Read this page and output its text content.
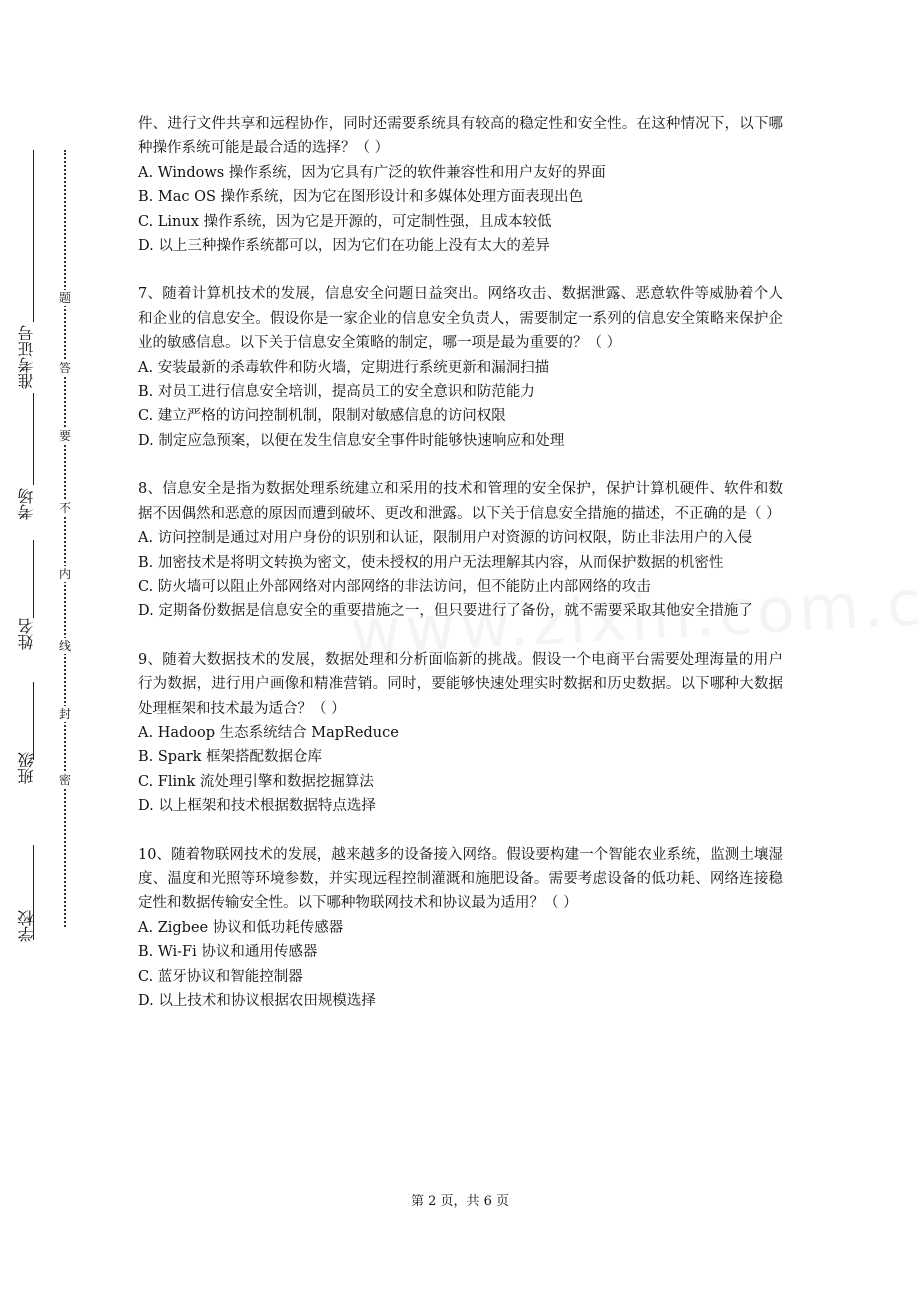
学校
班级
姓名
考场
准考证号
密
封
线
内
不
要
答
题

件、进行文件共享和远程协作，同时还需要系统具有较高的稳定性和安全性。在这种情况下，以下哪种操作系统可能是最合适的选择？（ ）

A. Windows 操作系统，因为它具有广泛的软件兼容性和用户友好的界面

B. Mac OS 操作系统，因为它在图形设计和多媒体处理方面表现出色

C. Linux 操作系统，因为它是开源的，可定制性强，且成本较低

D. 以上三种操作系统都可以，因为它们在功能上没有太大的差异

7、随着计算机技术的发展，信息安全问题日益突出。网络攻击、数据泄露、恶意软件等威胁着个人和企业的信息安全。假设你是一家企业的信息安全负责人，需要制定一系列的信息安全策略来保护企业的敏感信息。以下关于信息安全策略的制定，哪一项是最为重要的？（ ）

A. 安装最新的杀毒软件和防火墙，定期进行系统更新和漏洞扫描

B. 对员工进行信息安全培训，提高员工的安全意识和防范能力

C. 建立严格的访问控制机制，限制对敏感信息的访问权限

D. 制定应急预案，以便在发生信息安全事件时能够快速响应和处理

8、信息安全是指为数据处理系统建立和采用的技术和管理的安全保护，保护计算机硬件、软件和数据不因偶然和恶意的原因而遭到破坏、更改和泄露。以下关于信息安全措施的描述，不正确的是（ ）

A. 访问控制是通过对用户身份的识别和认证，限制用户对资源的访问权限，防止非法用户的入侵

B. 加密技术是将明文转换为密文，使未授权的用户无法理解其内容，从而保护数据的机密性

C. 防火墙可以阻止外部网络对内部网络的非法访问，但不能防止内部网络的攻击

D. 定期备份数据是信息安全的重要措施之一，但只要进行了备份，就不需要采取其他安全措施了

9、随着大数据技术的发展，数据处理和分析面临新的挑战。假设一个电商平台需要处理海量的用户行为数据，进行用户画像和精准营销。同时，要能够快速处理实时数据和历史数据。以下哪种大数据处理框架和技术最为适合？（ ）

A. Hadoop 生态系统结合 MapReduce

B. Spark 框架搭配数据仓库

C. Flink 流处理引擎和数据挖掘算法

D. 以上框架和技术根据数据特点选择

10、随着物联网技术的发展，越来越多的设备接入网络。假设要构建一个智能农业系统，监测土壤湿度、温度和光照等环境参数，并实现远程控制灌溉和施肥设备。需要考虑设备的低功耗、网络连接稳定性和数据传输安全性。以下哪种物联网技术和协议最为适用？（ ）

A. Zigbee 协议和低功耗传感器

B. Wi-Fi 协议和通用传感器

C. 蓝牙协议和智能控制器

D. 以上技术和协议根据农田规模选择

第 2 页，共 6 页
